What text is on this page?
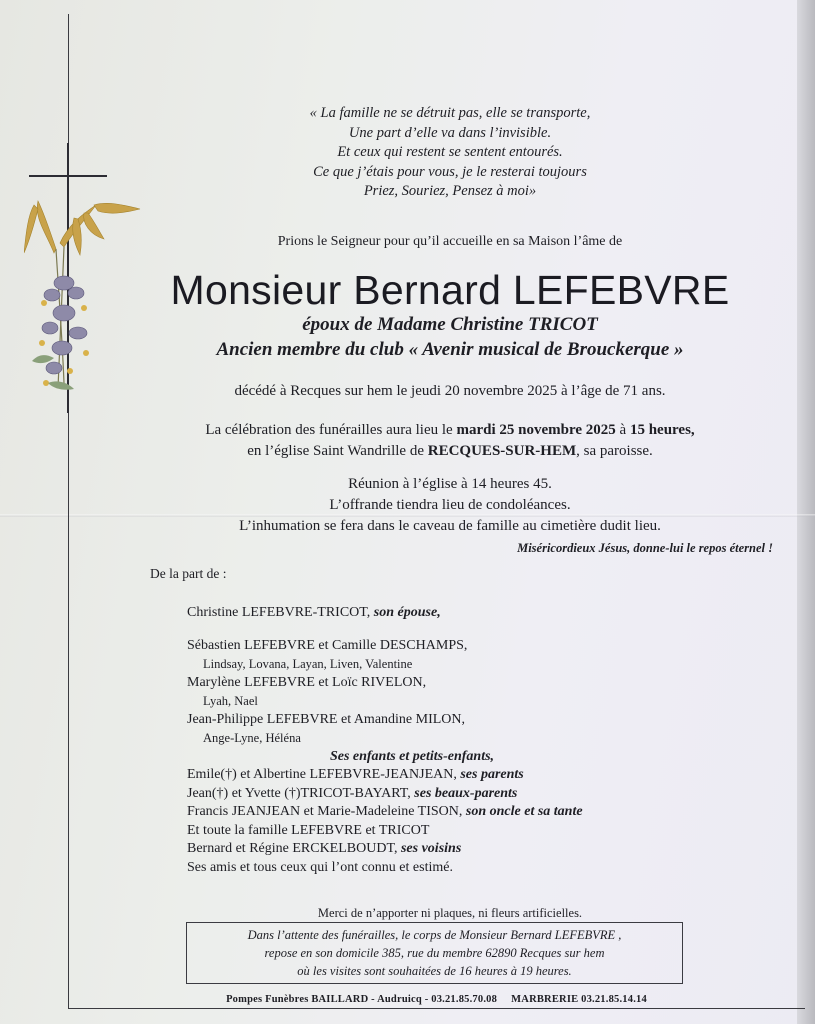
« La famille ne se détruit pas, elle se transporte,
Une part d’elle va dans l’invisible.
Et ceux qui restent se sentent entourés.
Ce que j’étais pour vous, je le resterai toujours
Priez, Souriez, Pensez à moi»
Prions le Seigneur pour qu’il accueille en sa Maison l’âme de
Monsieur Bernard LEFEBVRE
époux de Madame Christine TRICOT
Ancien membre du club « Avenir musical de Brouckerque »
décédé à Recques sur hem le jeudi 20 novembre 2025 à l’âge de 71 ans.
La célébration des funérailles aura lieu le mardi 25 novembre 2025 à 15 heures,
en l’église Saint Wandrille de RECQUES-SUR-HEM, sa paroisse.
Réunion à l’église à 14 heures 45.
L’offrande tiendra lieu de condoléances.
L’inhumation se fera dans le caveau de famille au cimetière dudit lieu.
Miséricordieux Jésus, donne-lui le repos éternel !
De la part de :
Christine LEFEBVRE-TRICOT, son épouse,
Sébastien LEFEBVRE et Camille DESCHAMPS,
Lindsay, Lovana, Layan, Liven, Valentine
Marylène LEFEBVRE et Loïc RIVELON,
Lyah, Nael
Jean-Philippe LEFEBVRE et Amandine MILON,
Ange-Lyne, Héléna
Ses enfants et petits-enfants,
Emile(†) et Albertine LEFEBVRE-JEANJEAN, ses parents
Jean(†) et Yvette (†)TRICOT-BAYART, ses beaux-parents
Francis JEANJEAN et Marie-Madeleine TISON, son oncle et sa tante
Et toute la famille LEFEBVRE et TRICOT
Bernard et Régine ERCKELBOUDT, ses voisins
Ses amis et tous ceux qui l’ont connu et estimé.
Merci de n’apporter ni plaques, ni fleurs artificielles.
Dans l’attente des funérailles, le corps de Monsieur Bernard LEFEBVRE ,
repose en son domicile 385, rue du membre 62890 Recques sur hem
où les visites sont souhaitées de 16 heures à 19 heures.
Pompes Funèbres BAILLARD - Audruicq - 03.21.85.70.08 MARBRERIE 03.21.85.14.14
